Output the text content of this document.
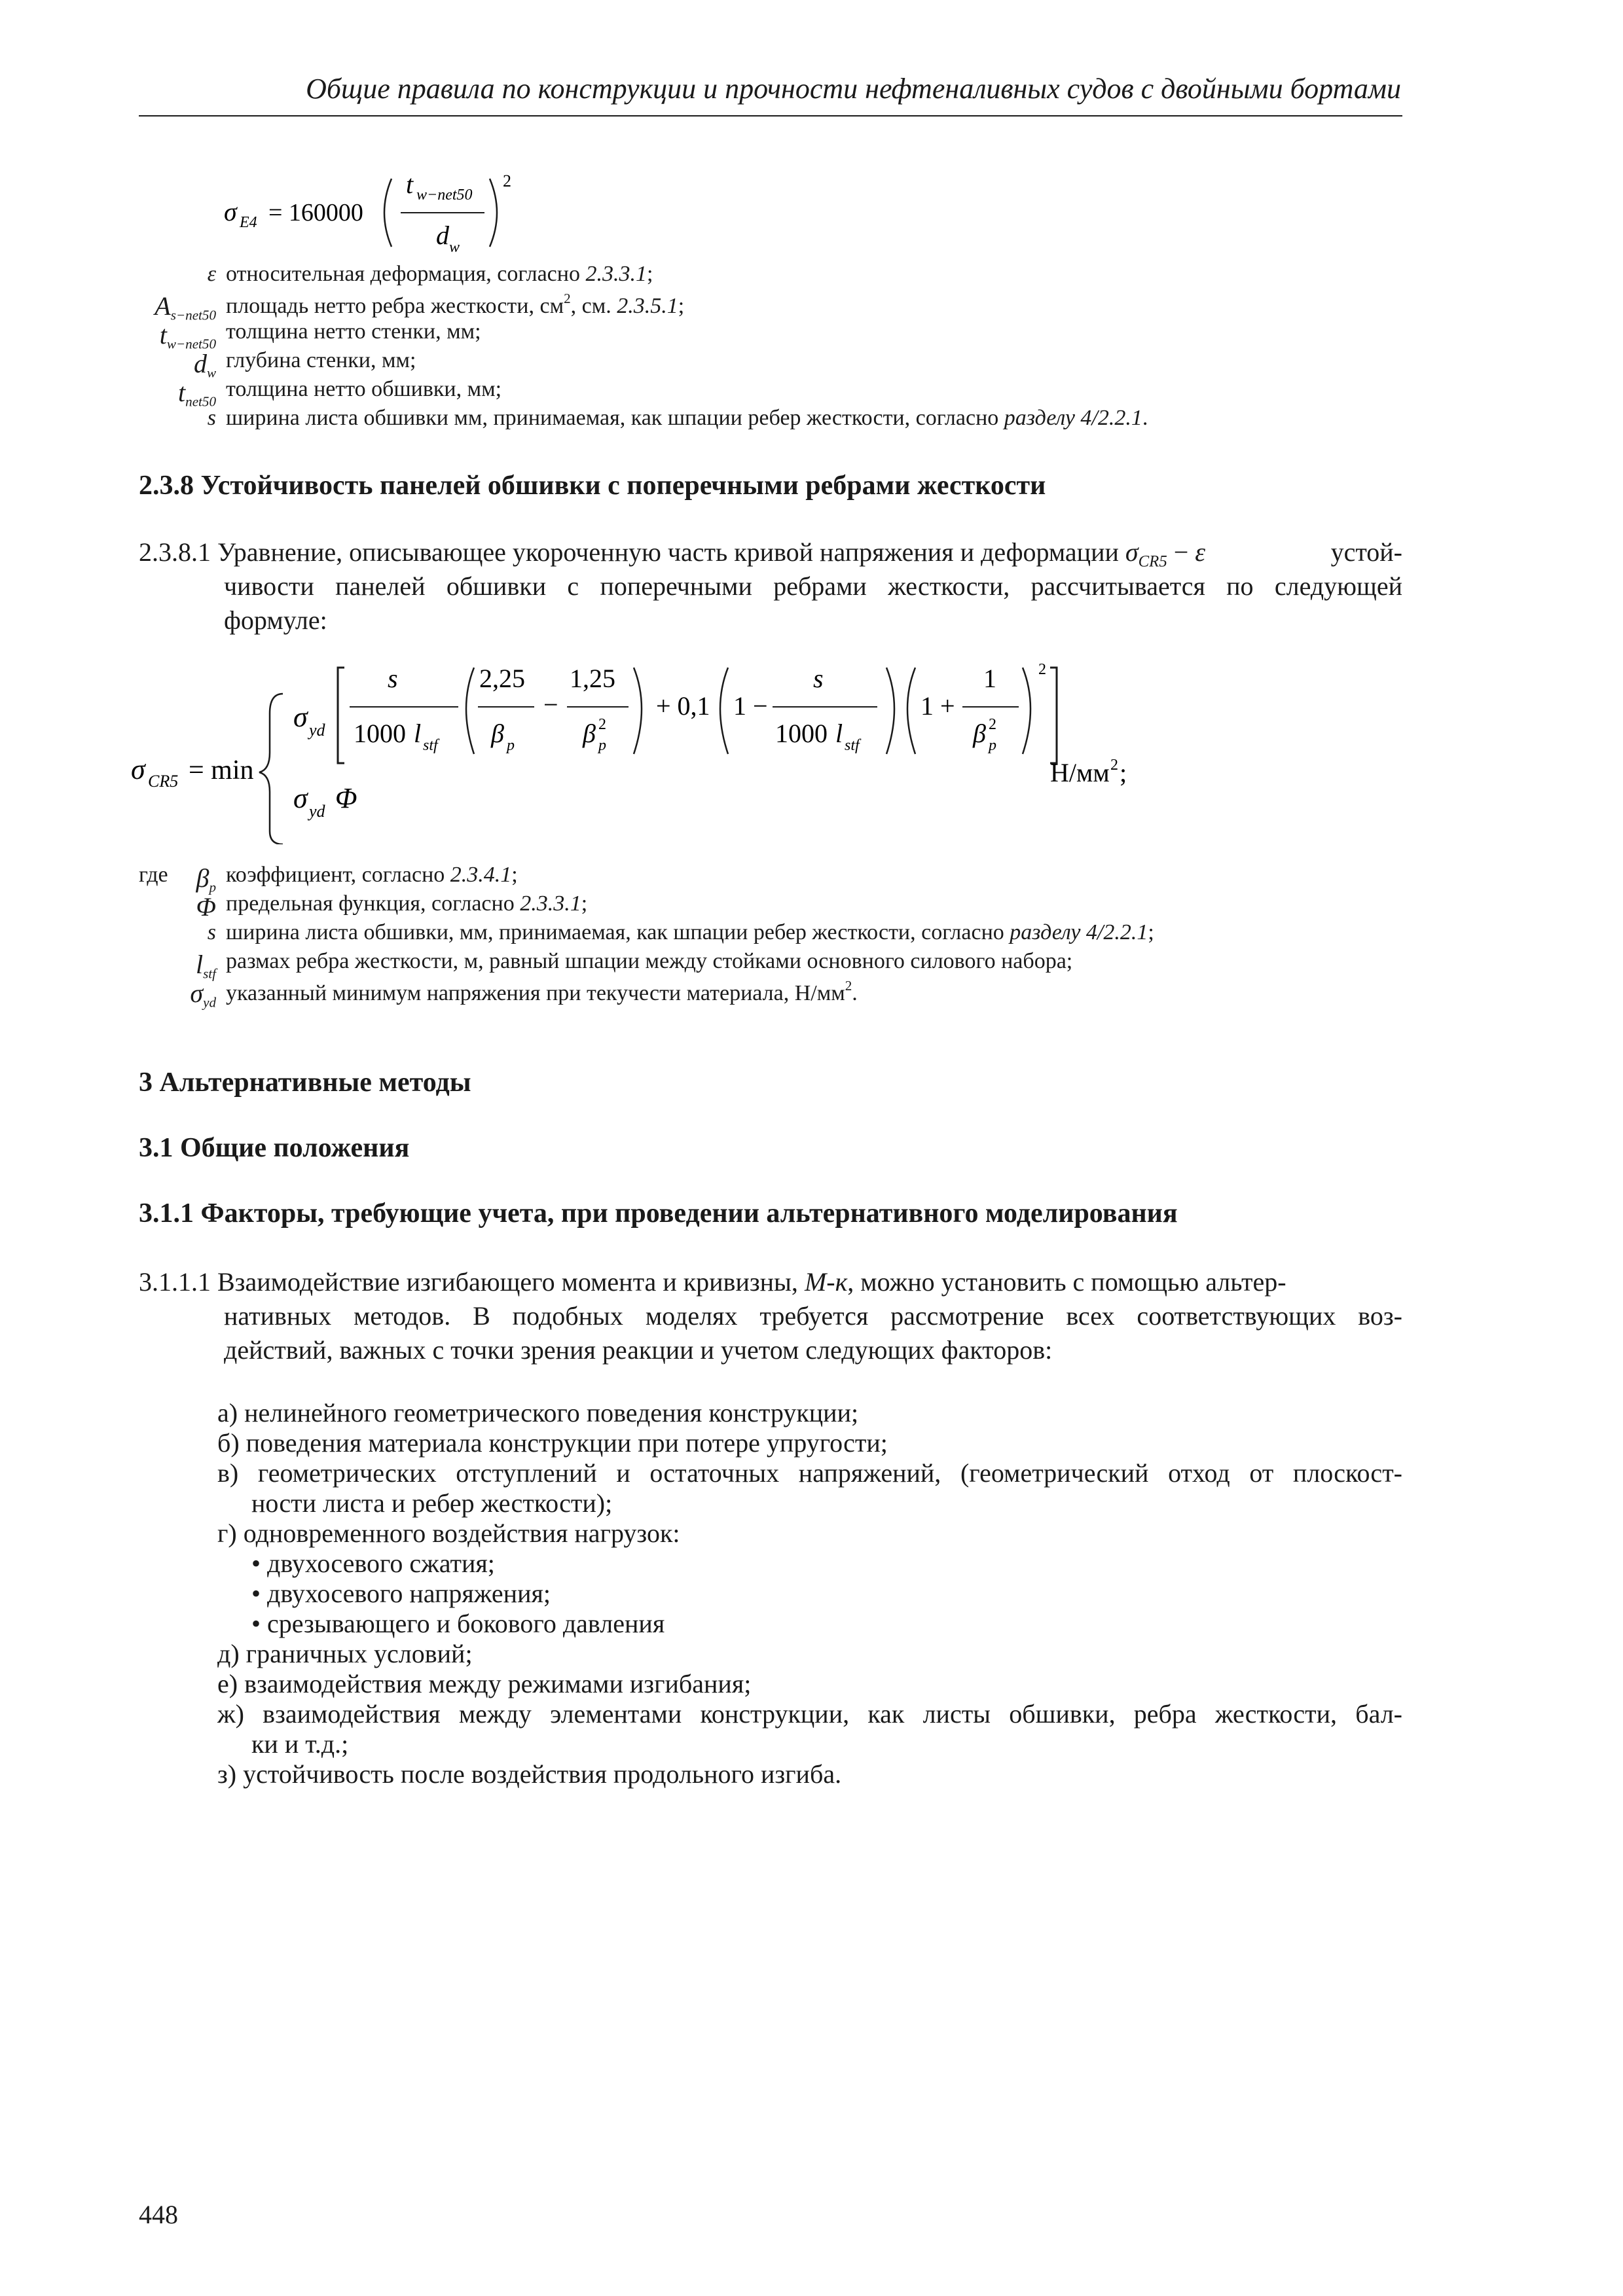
Общие правила по конструкции и прочности нефтеналивных судов с двойными бортами
σ E4 = 160000
t w−net50
d w
2
ε относительная деформация, согласно 2.3.3.1;
$A_{s-net50}$ площадь нетто ребра жесткости, $см^2$, см. 2.3.5.1;
$t_{w-net50}$
толщина нетто стенки, мм;
$d_w$
глубина стенки, мм;
$t_{net50}$
толщина нетто обшивки, мм;
s ширина листа обшивки мм, принимаемая, как шпации ребер жесткости, согласно разделу 4/2.2.1.
2.3.8 Устойчивость панелей обшивки с поперечными ребрами жесткости
2.3.8.1 Уравнение, описывающее укороченную часть кривой напряжения и деформации $\sigma_{CR5} - \varepsilon$	устой-
чивости панелей обшивки с поперечными ребрами жесткости, рассчитывается по следующей
формуле:
σ CR5 = min
σ yd
s
1000 l stf
2,25
β p
−
1,25
β 2
p
+ 0,1 1 −
s
1000 l stf
1 +
1
β 2
p
2
σ yd Φ
Н/мм 2 ;
где	$\beta_p$
коэффициент, согласно 2.3.4.1;
Φ предельная функция, согласно 2.3.3.1;
s ширина листа обшивки, мм, принимаемая, как шпации ребер жесткости, согласно разделу 4/2.2.1;
$l_{stf}$
размах ребра жесткости, м, равный шпации между стойками основного силового набора;
$\sigma_{yd}$ указанный минимум напряжения при текучести материала, $Н/мм^2$.
3 Альтернативные методы
3.1 Общие положения
3.1.1 Факторы, требующие учета, при проведении альтернативного моделирования
3.1.1.1 Взаимодействие изгибающего момента и кривизны, М-к, можно установить с помощью альтер-
нативных методов. В подобных моделях требуется рассмотрение всех соответствующих воз-
действий, важных с точки зрения реакции и учетом следующих факторов:
а) нелинейного геометрического поведения конструкции;
б) поведения материала конструкции при потере упругости;
в) геометрических отступлений и остаточных напряжений, (геометрический отход от плоскост-
ности листа и ребер жесткости);
г) одновременного воздействия нагрузок:
• двухосевого сжатия;
• двухосевого напряжения;
• срезывающего и бокового давления
д) граничных условий;
е) взаимодействия между режимами изгибания;
ж) взаимодействия между элементами конструкции, как листы обшивки, ребра жесткости, бал-
ки и т.д.;
з) устойчивость после воздействия продольного изгиба.
448
